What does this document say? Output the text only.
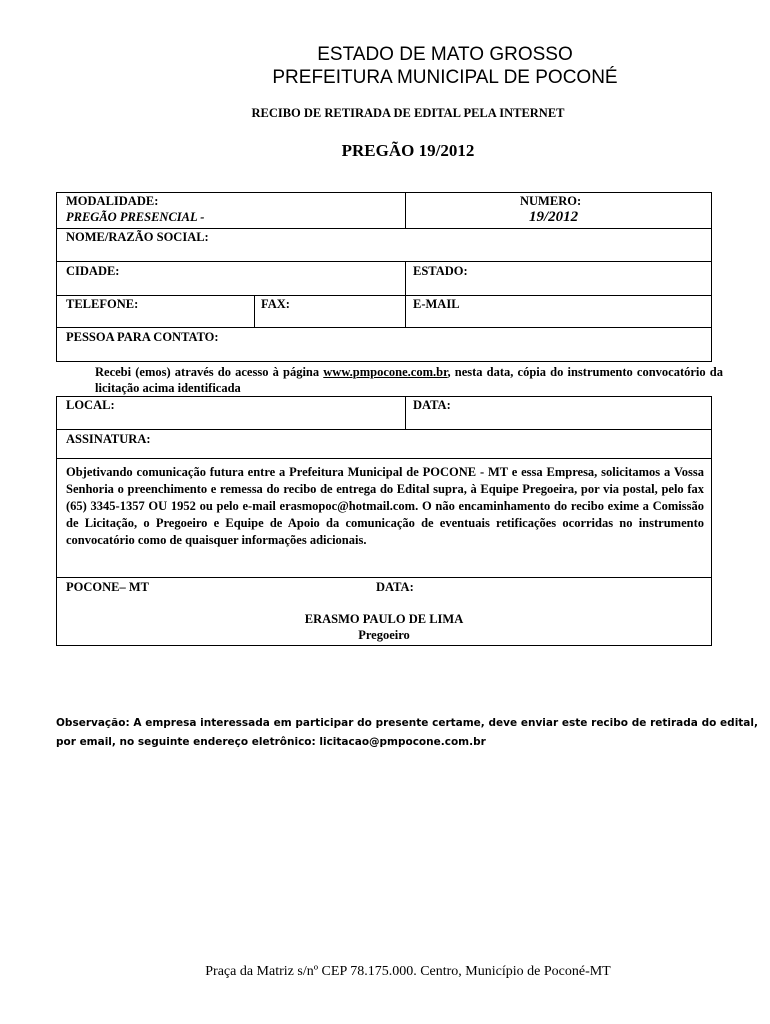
ESTADO DE MATO GROSSO
PREFEITURA MUNICIPAL DE POCONÉ
RECIBO DE RETIRADA DE EDITAL PELA INTERNET
PREGÃO 19/2012
MODALIDADE:
PREGÃO PRESENCIAL -
NUMERO:
19/2012
NOME/RAZÃO SOCIAL:
CIDADE:	ESTADO:
TELEFONE:	FAX:	E-MAIL
PESSOA PARA CONTATO:
Recebi (emos) através do acesso à página www.pmpocone.com.br, nesta data, cópia do instrumento convocatório da licitação acima identificada
LOCAL:	DATA:
ASSINATURA:
Objetivando comunicação futura entre a Prefeitura Municipal de POCONE - MT e essa Empresa, solicitamos a Vossa Senhoria o preenchimento e remessa do recibo de entrega do Edital supra, à Equipe Pregoeira, por via postal, pelo fax (65) 3345-1357 OU 1952 ou pelo e-mail erasmopoc@hotmail.com. O não encaminhamento do recibo exime a Comissão de Licitação, o Pregoeiro e Equipe de Apoio da comunicação de eventuais retificações ocorridas no instrumento convocatório como de quaisquer informações adicionais.
POCONE– MT	DATA:
ERASMO PAULO DE LIMA
Pregoeiro
Observação: A empresa interessada em participar do presente certame, deve enviar este recibo de retirada do edital, por email, no seguinte endereço eletrônico: licitacao@pmpocone.com.br
Praça da Matriz s/nº CEP 78.175.000. Centro, Município de Poconé-MT
